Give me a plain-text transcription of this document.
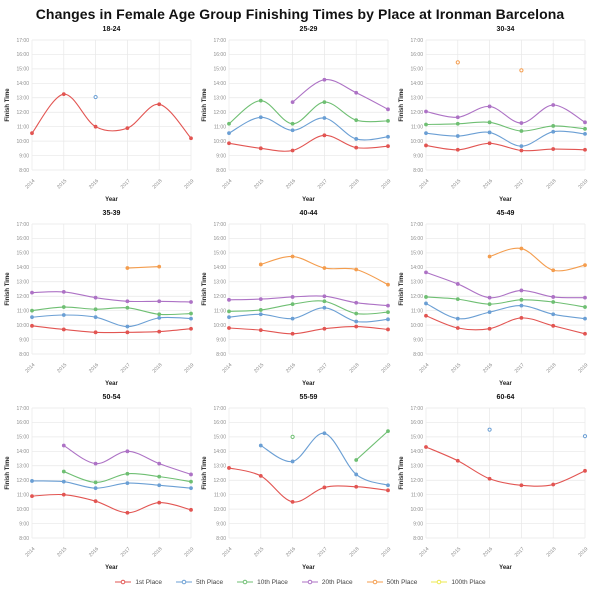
Changes in Female Age Group Finishing Times by Place at Ironman Barcelona
18-24
8:00
9:00
10:00
11:00
12:00
13:00
14:00
15:00
16:00
17:00
2014	2015	2016	2017	2018	2019
Year
Finish Time
25-29
8:00
9:00
10:00
11:00
12:00
13:00
14:00
15:00
16:00
17:00
2014	2015	2016	2017	2018	2019
Year
Finish Time
30-34
8:00
9:00
10:00
11:00
12:00
13:00
14:00
15:00
16:00
17:00
2014	2015	2016	2017	2018	2019
Year
Finish Time
35-39
8:00
9:00
10:00
11:00
12:00
13:00
14:00
15:00
16:00
17:00
2014	2015	2016	2017	2018	2019
Year
Finish Time
40-44
8:00
9:00
10:00
11:00
12:00
13:00
14:00
15:00
16:00
17:00
2014	2015	2016	2017	2018	2019
Year
Finish Time
45-49
8:00
9:00
10:00
11:00
12:00
13:00
14:00
15:00
16:00
17:00
2014	2015	2016	2017	2018	2019
Year
Finish Time
50-54
8:00
9:00
10:00
11:00
12:00
13:00
14:00
15:00
16:00
17:00
2014	2015	2016	2017	2018	2019
Year
Finish Time
55-59
8:00
9:00
10:00
11:00
12:00
13:00
14:00
15:00
16:00
17:00
2014	2015	2016	2017	2018	2019
Year
Finish Time
60-64
8:00
9:00
10:00
11:00
12:00
13:00
14:00
15:00
16:00
17:00
2014	2015	2016	2017	2018	2019
Year
Finish Time
1st Place	5th Place	10th Place	20th Place	50th Place	100th Place
